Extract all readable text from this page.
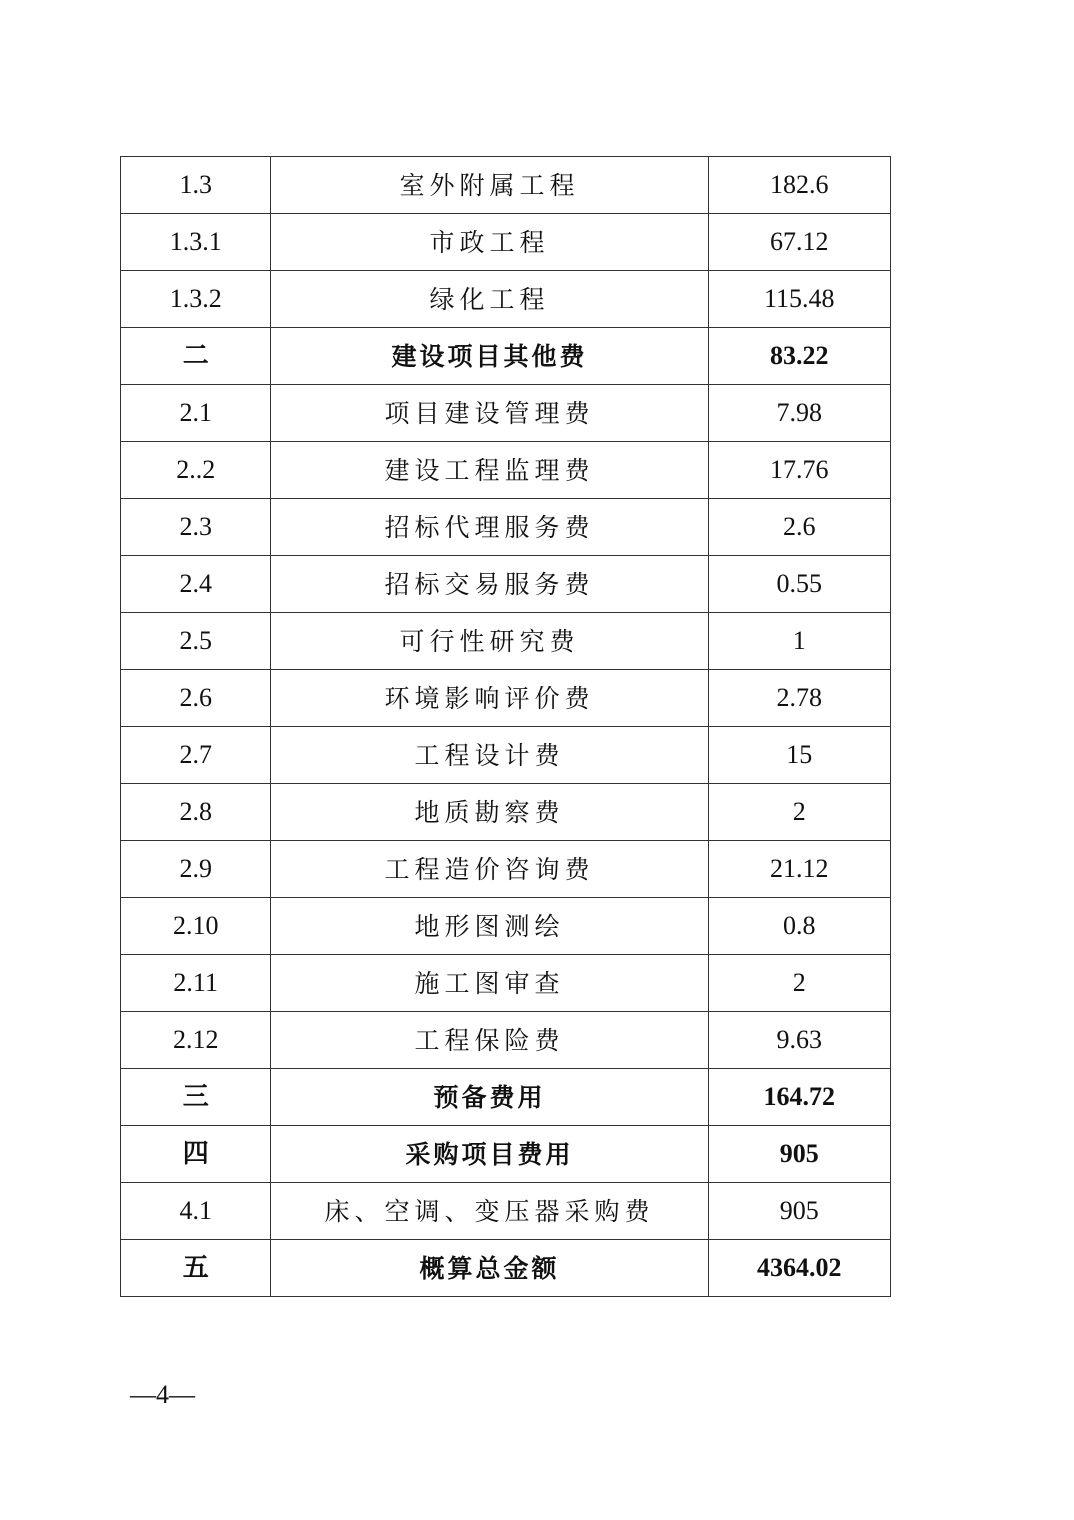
1.3	室外附属工程	182.6
1.3.1	市政工程	67.12
1.3.2	绿化工程	115.48
二	建设项目其他费	83.22
2.1	项目建设管理费	7.98
2..2	建设工程监理费	17.76
2.3	招标代理服务费	2.6
2.4	招标交易服务费	0.55
2.5	可行性研究费	1
2.6	环境影响评价费	2.78
2.7	工程设计费	15
2.8	地质勘察费	2
2.9	工程造价咨询费	21.12
2.10	地形图测绘	0.8
2.11	施工图审查	2
2.12	工程保险费	9.63
三	预备费用	164.72
四	采购项目费用	905
4.1	床、空调、变压器采购费	905
五	概算总金额	4364.02
—4—
